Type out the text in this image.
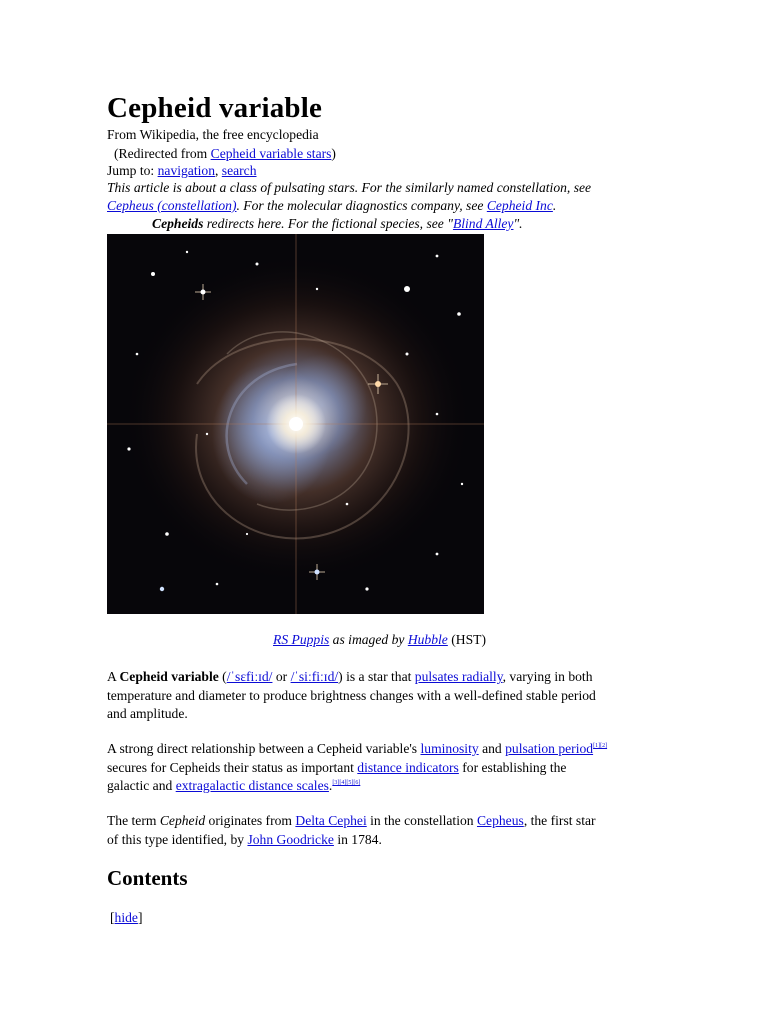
Cepheid variable
From Wikipedia, the free encyclopedia
(Redirected from Cepheid variable stars)
Jump to: navigation, search
This article is about a class of pulsating stars. For the similarly named constellation, see
Cepheus (constellation). For the molecular diagnostics company, see Cepheid Inc.
Cepheids redirects here. For the fictional species, see "Blind Alley".
RS Puppis as imaged by Hubble (HST)
A Cepheid variable (/ˈsɛfiːɪd/ or /ˈsiːfiːɪd/) is a star that pulsates radially, varying in both
temperature and diameter to produce brightness changes with a well-defined stable period
and amplitude.
A strong direct relationship between a Cepheid variable's luminosity and pulsation period[1][2]
secures for Cepheids their status as important distance indicators for establishing the
galactic and extragalactic distance scales.[3][4][5][6]
The term Cepheid originates from Delta Cephei in the constellation Cepheus, the first star
of this type identified, by John Goodricke in 1784.
Contents
[hide]
